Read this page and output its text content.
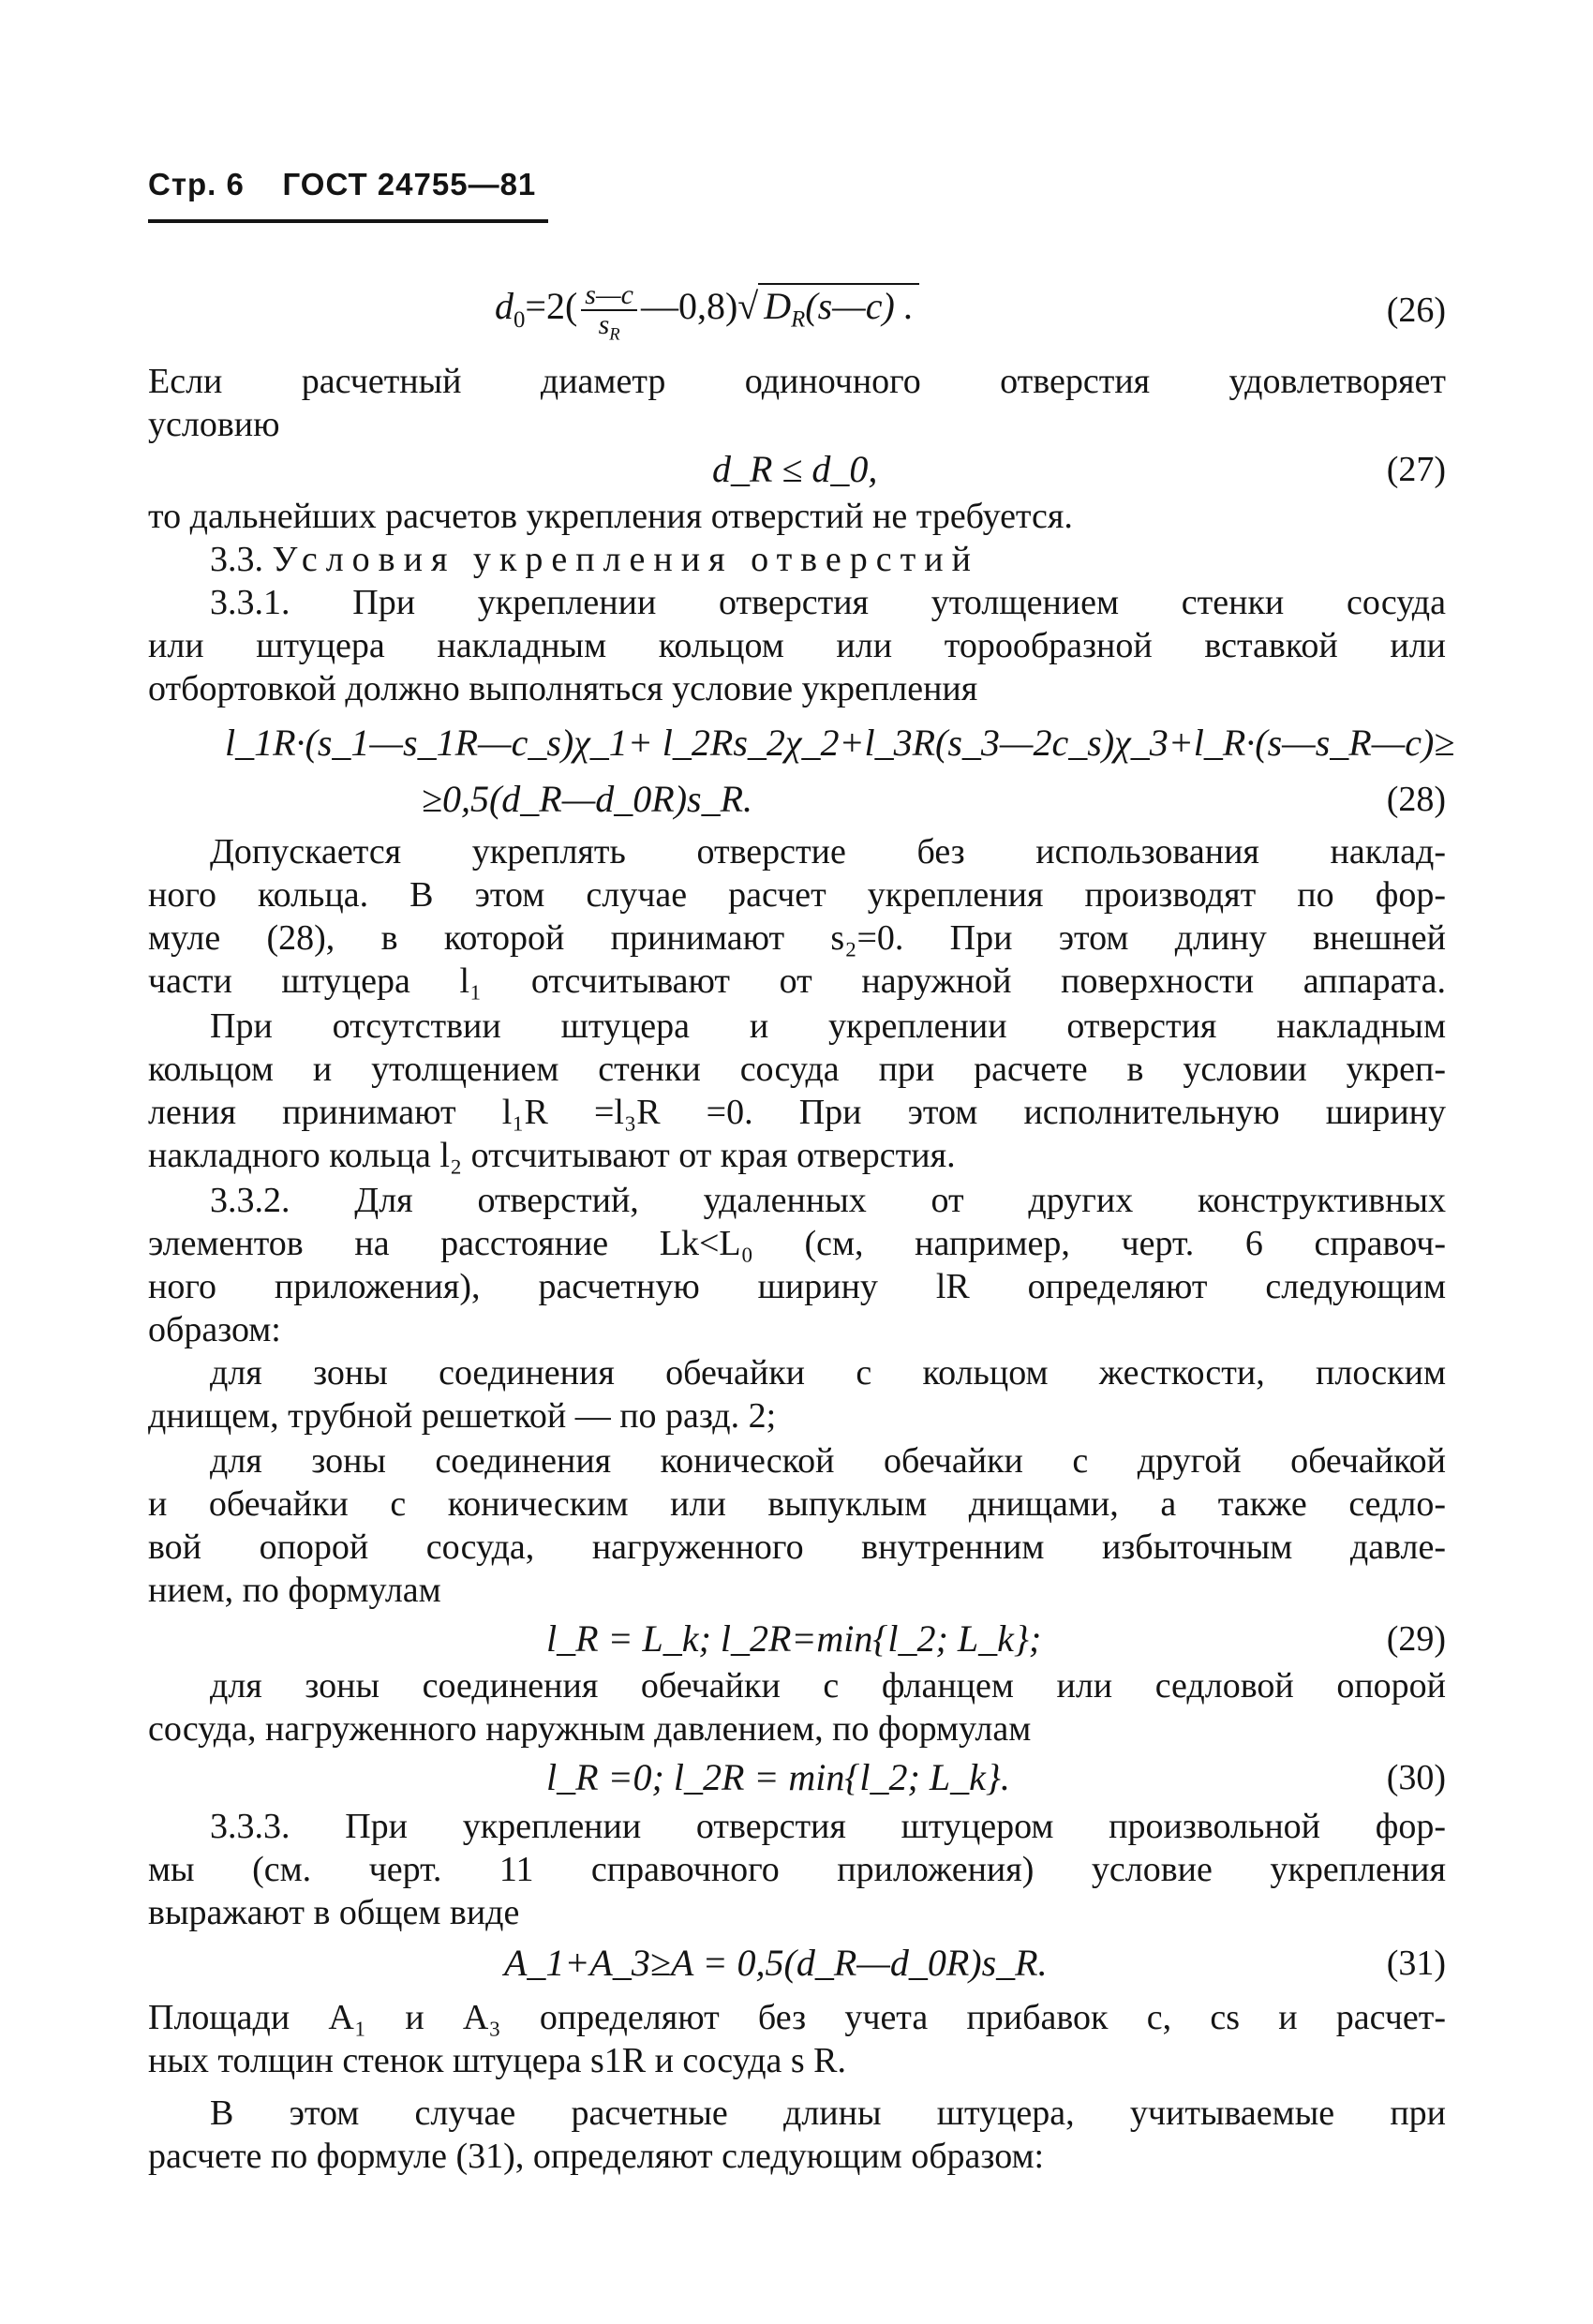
Стр. 6 ГОСТ 24755—81
$d_0=2( \frac{s—c}{s_R}$ —0,8)√ $D_R(s—c)$ .	(26)
Если расчетный диаметр одиночного отверстия удовлетворяет
условию
d_R ≤ d_0,	(27)
то дальнейших расчетов укрепления отверстий не требуется.
3.3. Условия укрепления отверстий
3.3.1. При укреплении отверстия утолщением стенки сосуда
или штуцера накладным кольцом или торообразной вставкой или
отбортовкой должно выполняться условие укрепления
l_1R·(s_1—s_1R—c_s)χ_1+ l_2Rs_2χ_2+l_3R(s_3—2c_s)χ_3+l_R·(s—s_R—c)≥
≥0,5(d_R—d_0R)s_R.	(28)
Допускается укреплять отверстие без использования наклад-
ного кольца. В этом случае расчет укрепления производят по фор-
муле (28), в которой принимают s₂=0. При этом длину внешней
части штуцера l₁ отсчитывают от наружной поверхности аппарата.
При отсутствии штуцера и укреплении отверстия накладным
кольцом и утолщением стенки сосуда при расчете в условии укреп-
ления принимают l₁R =l₃R =0. При этом исполнительную ширину
накладного кольца l₂ отсчитывают от края отверстия.
3.3.2. Для отверстий, удаленных от других конструктивных
элементов на расстояние Lk<L₀ (см, например, черт. 6 справоч-
ного приложения), расчетную ширину lR определяют следующим
образом:
для зоны соединения обечайки с кольцом жесткости, плоским
днищем, трубной решеткой — по разд. 2;
для зоны соединения конической обечайки с другой обечайкой
и обечайки с коническим или выпуклым днищами, а также седло-
вой опорой сосуда, нагруженного внутренним избыточным давле-
нием, по формулам
l_R = L_k; l_2R=min{l_2; L_k};	(29)
для зоны соединения обечайки с фланцем или седловой опорой
сосуда, нагруженного наружным давлением, по формулам
l_R =0; l_2R = min{l_2; L_k}.	(30)
3.3.3. При укреплении отверстия штуцером произвольной фор-
мы (см. черт. 11 справочного приложения) условие укрепления
выражают в общем виде
A_1+A_3≥A = 0,5(d_R—d_0R)s_R.	(31)
Площади A₁ и A₃ определяют без учета прибавок c, cs и расчет-
ных толщин стенок штуцера s1R и сосуда s R.
В этом случае расчетные длины штуцера, учитываемые при
расчете по формуле (31), определяют следующим образом:
